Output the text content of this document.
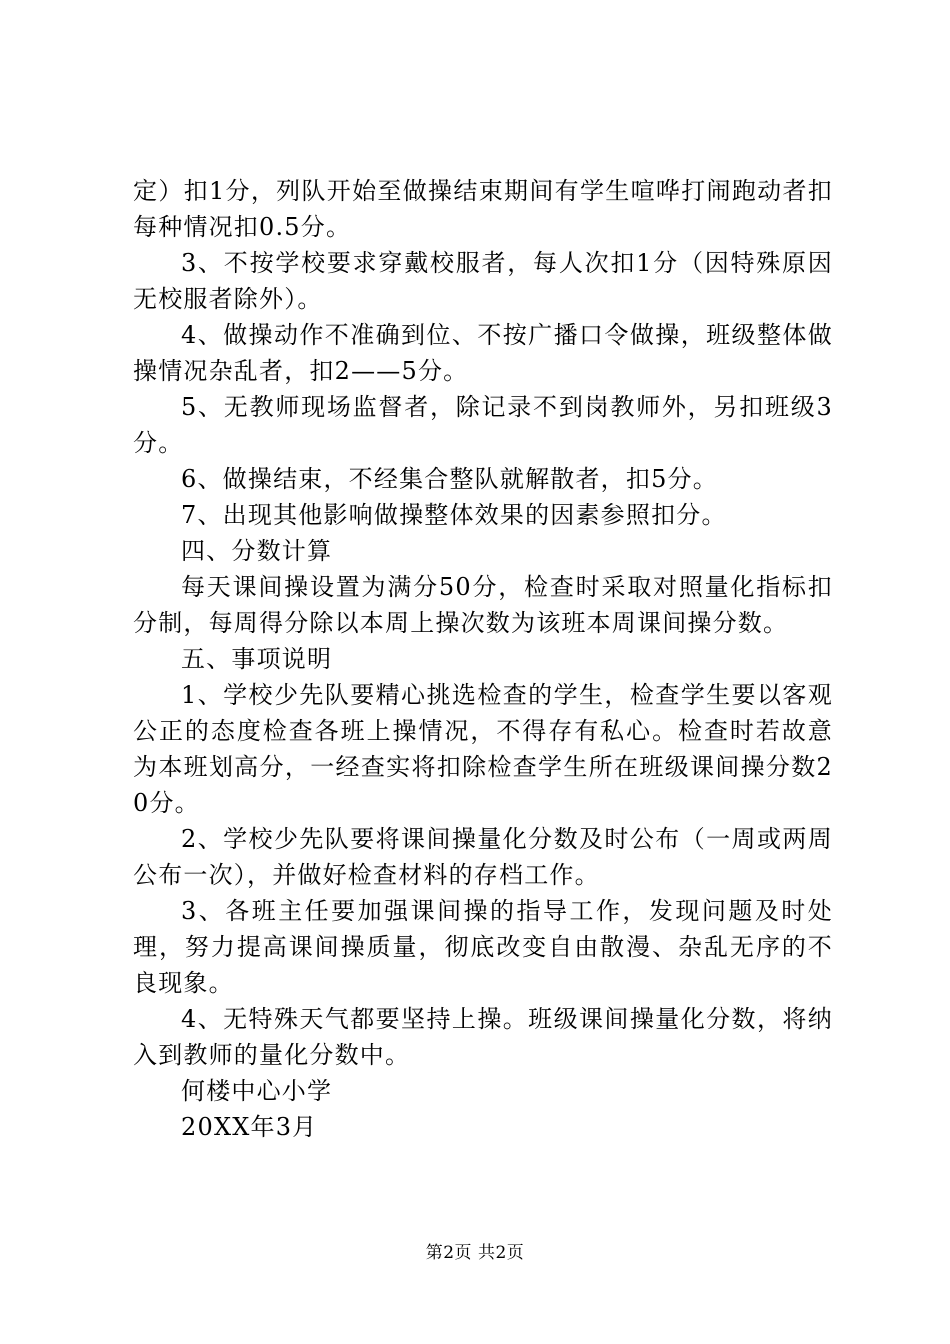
定）扣1分，列队开始至做操结束期间有学生喧哗打闹跑动者扣每种情况扣0.5分。

3、不按学校要求穿戴校服者，每人次扣1分（因特殊原因无校服者除外）。

4、做操动作不准确到位、不按广播口令做操，班级整体做操情况杂乱者，扣2——5分。

5、无教师现场监督者，除记录不到岗教师外，另扣班级3分。

6、做操结束，不经集合整队就解散者，扣5分。

7、出现其他影响做操整体效果的因素参照扣分。

四、分数计算

每天课间操设置为满分50分，检查时采取对照量化指标扣分制，每周得分除以本周上操次数为该班本周课间操分数。

五、事项说明

1、学校少先队要精心挑选检查的学生，检查学生要以客观公正的态度检查各班上操情况，不得存有私心。检查时若故意为本班划高分，一经查实将扣除检查学生所在班级课间操分数20分。

2、学校少先队要将课间操量化分数及时公布（一周或两周公布一次），并做好检查材料的存档工作。

3、各班主任要加强课间操的指导工作，发现问题及时处理，努力提高课间操质量，彻底改变自由散漫、杂乱无序的不良现象。

4、无特殊天气都要坚持上操。班级课间操量化分数，将纳入到教师的量化分数中。

何楼中心小学

20XX年3月

第2页 共2页
